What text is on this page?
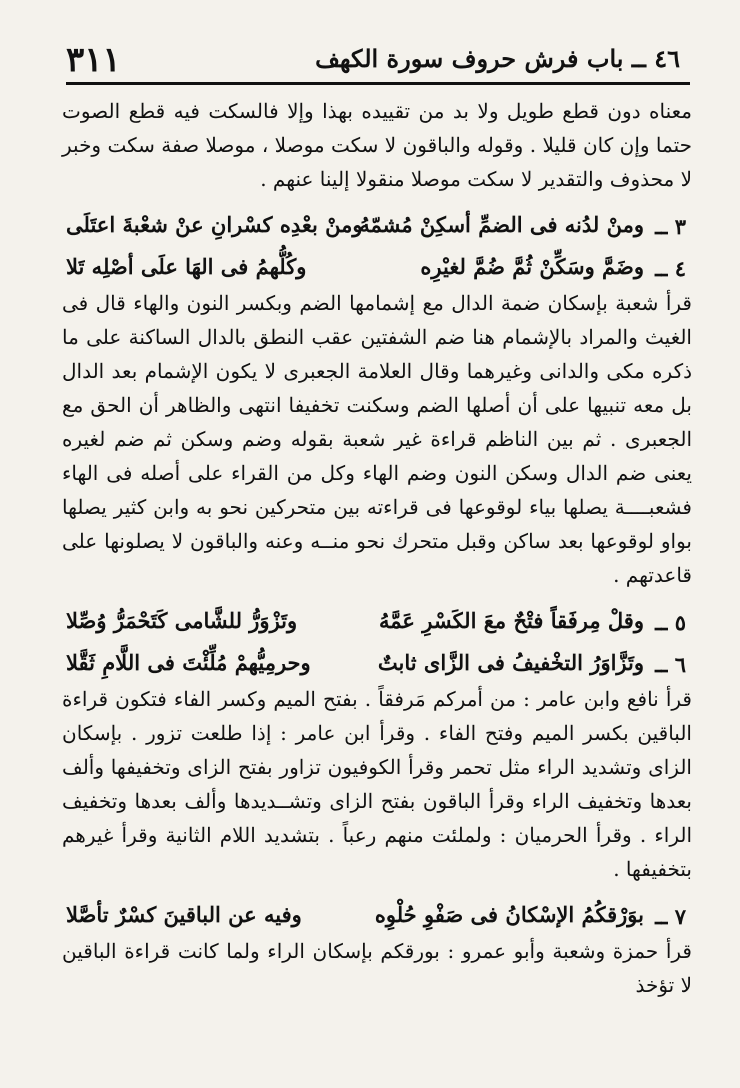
٣١١	٤٦ ــ باب فرش حروف سورة الكهف

معناه دون قطع طويل ولا بد من تقييده بهذا وإلا فالسكت فيه قطع الصوت حتما وإن كان قليلا . وقوله والباقون لا سكت موصلا ، موصلا صفة سكت وخبر لا محذوف والتقدير لا سكت موصلا منقولا إلينا عنهم .

٣ ــ
ومنْ لدُنه فى الضمِّ أسكِنْ مُشمّهُ
ومنْ بعْدِه كسْرانِ عنْ شعْبةَ اعتَلَى
٤ ــ
وضَمَّ وسَكِّنْ ثُمَّ ضُمَّ لغيْرِه
وكُلُّهمُ فى الهَا علَى أصْلِه تَلا

قرأ شعبة بإسكان ضمة الدال مع إشمامها الضم وبكسر النون والهاء قال فى الغيث والمراد بالإشمام هنا ضم الشفتين عقب النطق بالدال الساكنة على ما ذكره مكى والدانى وغيرهما وقال العلامة الجعبرى لا يكون الإشمام بعد الدال بل معه تنبيها على أن أصلها الضم وسكنت تخفيفا انتهى والظاهر أن الحق مع الجعبرى . ثم بين الناظم قراءة غير شعبة بقوله وضم وسكن ثم ضم لغيره يعنى ضم الدال وسكن النون وضم الهاء وكل من القراء على أصله فى الهاء فشعبــــة يصلها بياء لوقوعها فى قراءته بين متحركين نحو به وابن كثير يصلها بواو لوقوعها بعد ساكن وقبل متحرك نحو منــه وعنه والباقون لا يصلونها على قاعدتهم .

٥ ــ
وقلْ مِرفَقاً فتْحٌ معَ الكَسْرِ عَمَّهُ
وتَزْوَرُّ للشَّامى كَتَحْمَرُّ وُصِّلا
٦ ــ
وتَزَّاوَرُ التخْفيفُ فى الزَّاى ثابتٌ
وحرمِيُّهمْ مُلِّئْتَ فى اللَّامِ ثَقَّلا

قرأ نافع وابن عامر : من أمركم مَرفقاً . بفتح الميم وكسر الفاء فتكون قراءة الباقين بكسر الميم وفتح الفاء . وقرأ ابن عامر : إذا طلعت تزور . بإسكان الزاى وتشديد الراء مثل تحمر وقرأ الكوفيون تزاور بفتح الزاى وتخفيفها وألف بعدها وتخفيف الراء وقرأ الباقون بفتح الزاى وتشــديدها وألف بعدها وتخفيف الراء . وقرأ الحرميان : ولملئت منهم رعباً . بتشديد اللام الثانية وقرأ غيرهم بتخفيفها .

٧ ــ
بوَرْقكُمُ الإسْكانُ فى صَفْوِ حُلْوِه
وفيه عن الباقينَ كسْرٌ تأصَّلا

قرأ حمزة وشعبة وأبو عمرو : بورقكم بإسكان الراء ولما كانت قراءة الباقين لا تؤخذ
